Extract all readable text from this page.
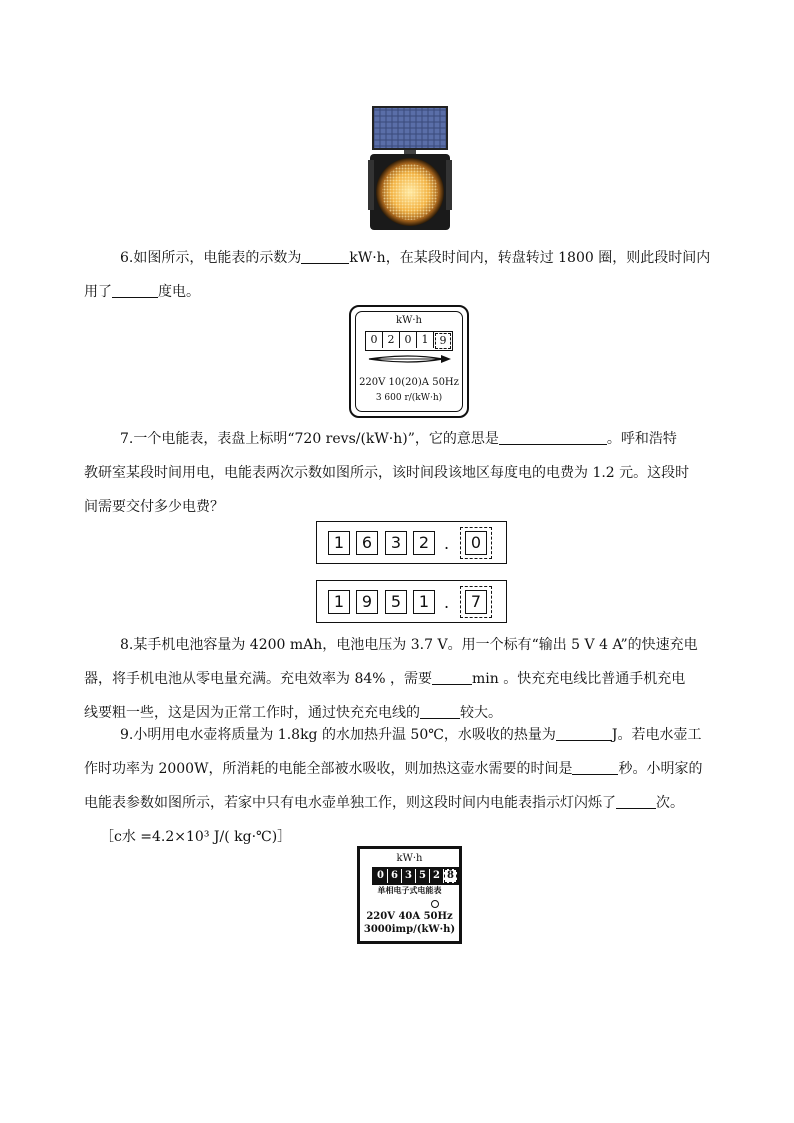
6.如图所示，电能表的示数为	kW·h，在某段时间内，转盘转过 1800 圈，则此段时间内
用了	度电。
kW·h
0 2 0 1	9
220V 10(20)A 50Hz
3 600 r/(kW·h)
7.一个电能表，表盘上标明“720 revs/(kW·h)”，它的意思是	。呼和浩特
教研室某段时间用电，电能表两次示数如图所示，该时间段该地区每度电的电费为 1.2 元。这段时
间需要交付多少电费？
1	6	3	2 .	0
1	9	5	1 .	7
8.某手机电池容量为 4200 mAh，电池电压为 3.7 V。用一个标有“输出 5 V 4 A”的快速充电
器，将手机电池从零电量充满。充电效率为 84% ，需要	min 。快充充电线比普通手机充电
线要粗一些，这是因为正常工作时，通过快充充电线的	较大。
9.小明用电水壶将质量为 1.8kg 的水加热升温 50℃，水吸收的热量为	J。若电水壶工
作时功率为 2000W，所消耗的电能全部被水吸收，则加热这壶水需要的时间是	秒。小明家的
电能表参数如图所示，若家中只有电水壶单独工作，则这段时间内电能表指示灯闪烁了	次。
［c水 =4.2×10³ J/( kg·℃)］
kW·h
0 6 3 5 2 8
单相电子式电能表
220V 40A 50Hz
3000imp/(kW·h)
